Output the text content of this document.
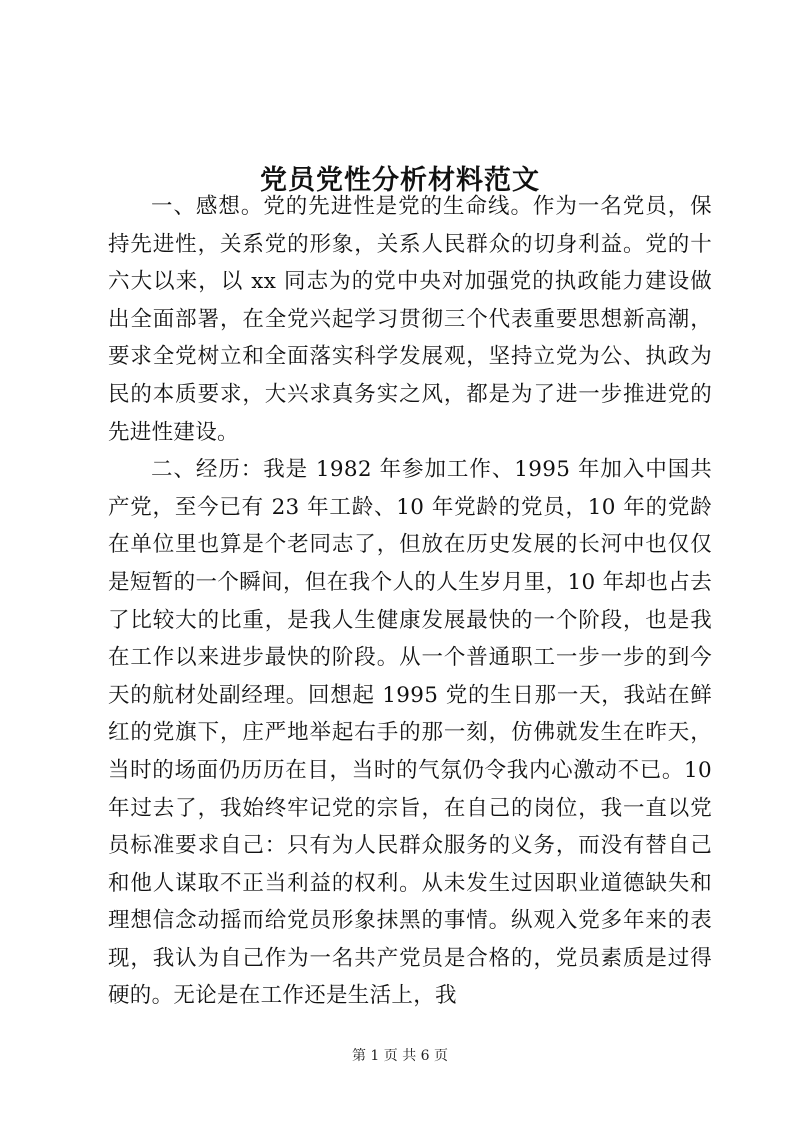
党员党性分析材料范文

一、感想。党的先进性是党的生命线。作为一名党员，保持先进性，关系党的形象，关系人民群众的切身利益。党的十六大以来，以 xx 同志为的党中央对加强党的执政能力建设做出全面部署，在全党兴起学习贯彻三个代表重要思想新高潮，要求全党树立和全面落实科学发展观，坚持立党为公、执政为民的本质要求，大兴求真务实之风，都是为了进一步推进党的先进性建设。

二、经历：我是 1982 年参加工作、1995 年加入中国共产党，至今已有 23 年工龄、10 年党龄的党员，10 年的党龄在单位里也算是个老同志了，但放在历史发展的长河中也仅仅是短暂的一个瞬间，但在我个人的人生岁月里，10 年却也占去了比较大的比重，是我人生健康发展最快的一个阶段，也是我在工作以来进步最快的阶段。从一个普通职工一步一步的到今天的航材处副经理。回想起 1995 党的生日那一天，我站在鲜红的党旗下，庄严地举起右手的那一刻，仿佛就发生在昨天，当时的场面仍历历在目，当时的气氛仍令我内心激动不已。10 年过去了，我始终牢记党的宗旨，在自己的岗位，我一直以党员标准要求自己：只有为人民群众服务的义务，而没有替自己和他人谋取不正当利益的权利。从未发生过因职业道德缺失和理想信念动摇而给党员形象抹黑的事情。纵观入党多年来的表现，我认为自己作为一名共产党员是合格的，党员素质是过得硬的。无论是在工作还是生活上，我

第 1 页 共 6 页
